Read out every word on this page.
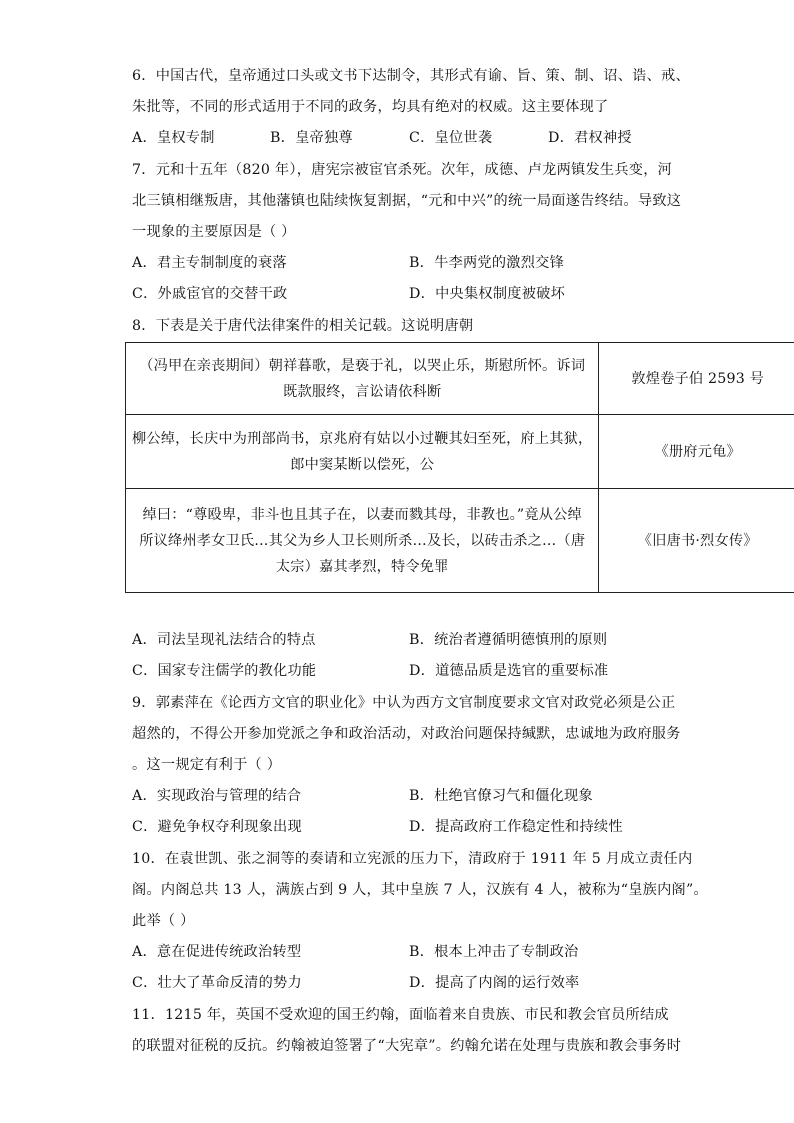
6．中国古代，皇帝通过口头或文书下达制令，其形式有谕、旨、策、制、诏、诰、戒、
朱批等，不同的形式适用于不同的政务，均具有绝对的权威。这主要体现了
A．皇权专制	B．皇帝独尊	C．皇位世袭	D．君权神授
7．元和十五年（820 年），唐宪宗被宦官杀死。次年，成德、卢龙两镇发生兵变，河
北三镇相继叛唐，其他藩镇也陆续恢复割据，“元和中兴”的统一局面遂告终结。导致这
一现象的主要原因是（ ）
A．君主专制制度的衰落	B．牛李两党的激烈交锋
C．外戚宦官的交替干政	D．中央集权制度被破坏
8．下表是关于唐代法律案件的相关记载。这说明唐朝
（冯甲在亲丧期间）朝祥暮歌，是亵于礼，以哭止乐，斯慰所怀。诉词
既款服终，言讼请依科断	敦煌卷子伯 2593 号

柳公绰，长庆中为刑部尚书，京兆府有姑以小过鞭其妇至死，府上其狱，
郎中窦某断以偿死，公	《册府元龟》

绰曰：“尊殴卑，非斗也且其子在，以妻而戮其母，非教也。”竟从公绰
所议绛州孝女卫氏…其父为乡人卫长则所杀…及长，以砖击杀之…（唐
太宗）嘉其孝烈，特令免罪	《旧唐书·烈女传》
A．司法呈现礼法结合的特点	B．统治者遵循明德慎刑的原则
C．国家专注儒学的教化功能	D．道德品质是选官的重要标准
9．郭素萍在《论西方文官的职业化》中认为西方文官制度要求文官对政党必须是公正
超然的，不得公开参加党派之争和政治活动，对政治问题保持缄默，忠诚地为政府服务
。这一规定有利于（ ）
A．实现政治与管理的结合	B．杜绝官僚习气和僵化现象
C．避免争权夺利现象出现	D．提高政府工作稳定性和持续性
10．在袁世凯、张之洞等的奏请和立宪派的压力下，清政府于 1911 年 5 月成立责任内
阁。内阁总共 13 人，满族占到 9 人，其中皇族 7 人，汉族有 4 人，被称为“皇族内阁”。
此举（ ）
A．意在促进传统政治转型	B．根本上冲击了专制政治
C．壮大了革命反清的势力	D．提高了内阁的运行效率
11．1215 年，英国不受欢迎的国王约翰，面临着来自贵族、市民和教会官员所结成
的联盟对征税的反抗。约翰被迫签署了“大宪章”。约翰允诺在处理与贵族和教会事务时
